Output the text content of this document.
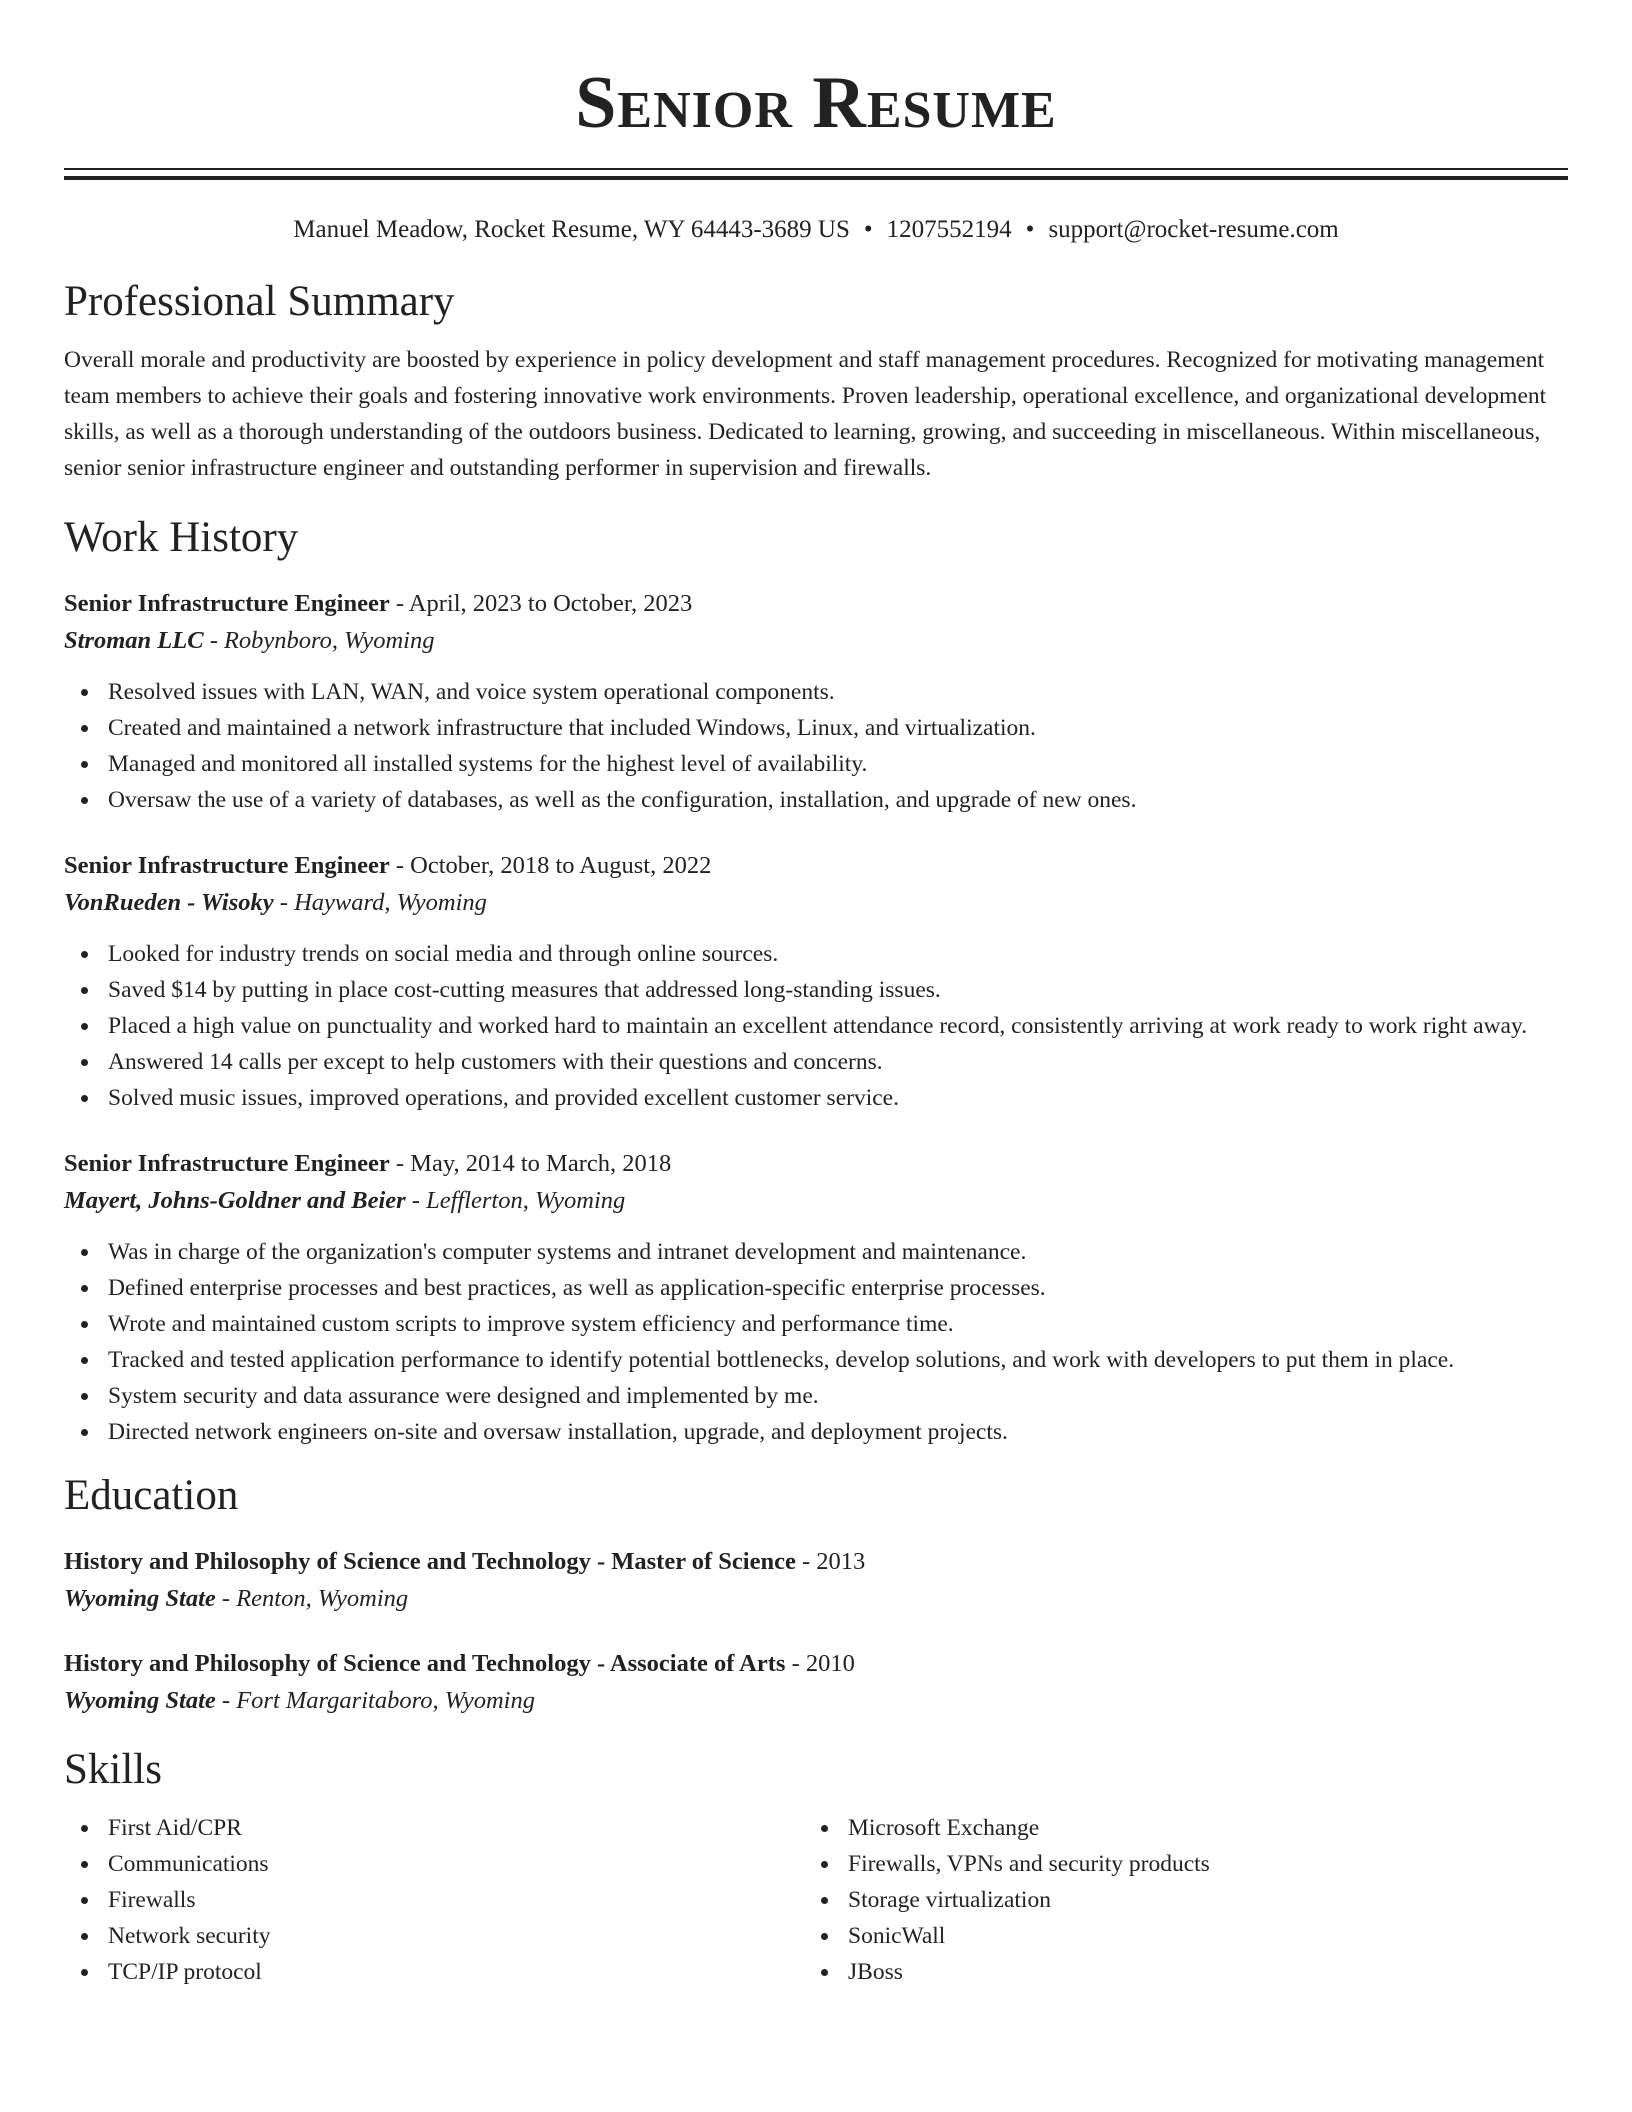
Senior Resume
Manuel Meadow, Rocket Resume, WY 64443-3689 US • 1207552194 • support@rocket-resume.com
Professional Summary
Overall morale and productivity are boosted by experience in policy development and staff management procedures. Recognized for motivating management team members to achieve their goals and fostering innovative work environments. Proven leadership, operational excellence, and organizational development skills, as well as a thorough understanding of the outdoors business. Dedicated to learning, growing, and succeeding in miscellaneous. Within miscellaneous, senior senior infrastructure engineer and outstanding performer in supervision and firewalls.
Work History
Senior Infrastructure Engineer - April, 2023 to October, 2023
Stroman LLC - Robynboro, Wyoming
Resolved issues with LAN, WAN, and voice system operational components.
Created and maintained a network infrastructure that included Windows, Linux, and virtualization.
Managed and monitored all installed systems for the highest level of availability.
Oversaw the use of a variety of databases, as well as the configuration, installation, and upgrade of new ones.
Senior Infrastructure Engineer - October, 2018 to August, 2022
VonRueden - Wisoky - Hayward, Wyoming
Looked for industry trends on social media and through online sources.
Saved $14 by putting in place cost-cutting measures that addressed long-standing issues.
Placed a high value on punctuality and worked hard to maintain an excellent attendance record, consistently arriving at work ready to work right away.
Answered 14 calls per except to help customers with their questions and concerns.
Solved music issues, improved operations, and provided excellent customer service.
Senior Infrastructure Engineer - May, 2014 to March, 2018
Mayert, Johns-Goldner and Beier - Lefflerton, Wyoming
Was in charge of the organization's computer systems and intranet development and maintenance.
Defined enterprise processes and best practices, as well as application-specific enterprise processes.
Wrote and maintained custom scripts to improve system efficiency and performance time.
Tracked and tested application performance to identify potential bottlenecks, develop solutions, and work with developers to put them in place.
System security and data assurance were designed and implemented by me.
Directed network engineers on-site and oversaw installation, upgrade, and deployment projects.
Education
History and Philosophy of Science and Technology - Master of Science - 2013
Wyoming State - Renton, Wyoming
History and Philosophy of Science and Technology - Associate of Arts - 2010
Wyoming State - Fort Margaritaboro, Wyoming
Skills
First Aid/CPR
Communications
Firewalls
Network security
TCP/IP protocol
Microsoft Exchange
Firewalls, VPNs and security products
Storage virtualization
SonicWall
JBoss
